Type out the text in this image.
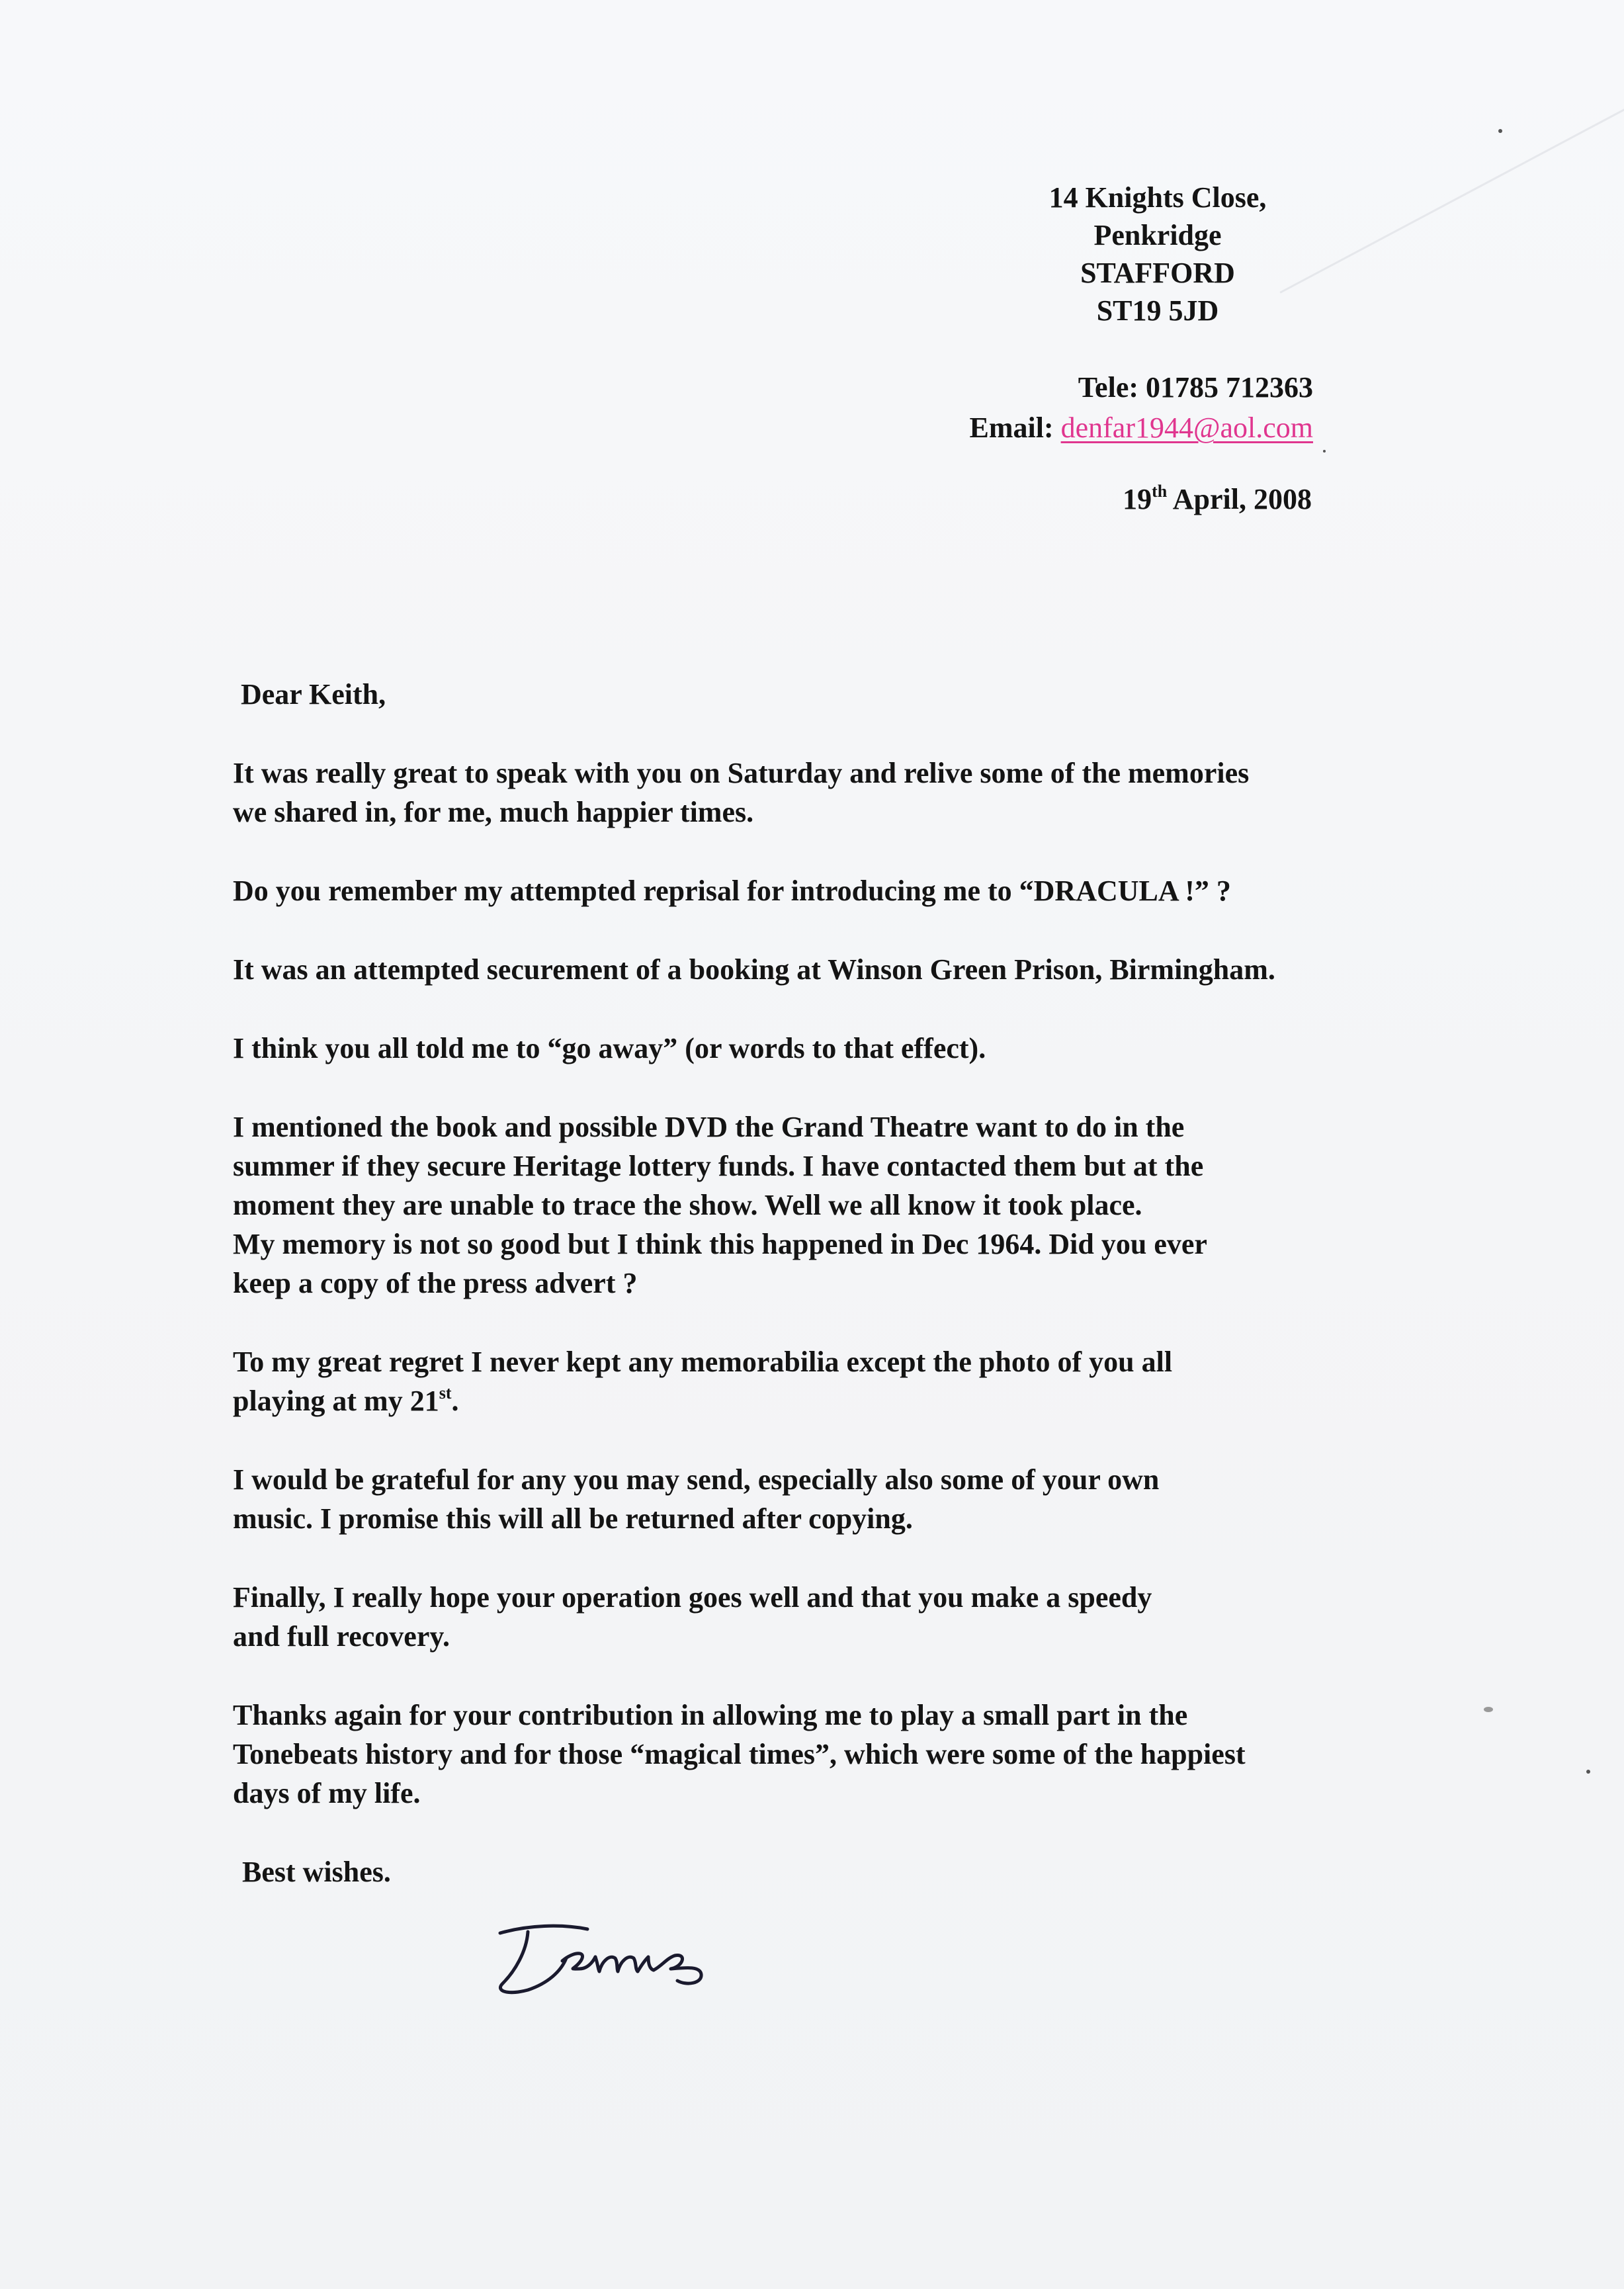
14 Knights Close,
Penkridge
STAFFORD
ST19 5JD
Tele: 01785 712363
Email: denfar1944@aol.com
19th April, 2008

Dear Keith,

It was really great to speak with you on Saturday and relive some of the memories
we shared in, for me, much happier times.

Do you remember my attempted reprisal for introducing me to “DRACULA !” ?

It was an attempted securement of a booking at Winson Green Prison, Birmingham.

I think you all told me to “go away” (or words to that effect).

I mentioned the book and possible DVD the Grand Theatre want to do in the
summer if they secure Heritage lottery funds. I have contacted them but at the
moment they are unable to trace the show. Well we all know it took place.
My memory is not so good but I think this happened in Dec 1964. Did you ever
keep a copy of the press advert ?

To my great regret I never kept any memorabilia except the photo of you all
playing at my 21st.

I would be grateful for any you may send, especially also some of your own
music. I promise this will all be returned after copying.

Finally, I really hope your operation goes well and that you make a speedy
and full recovery.

Thanks again for your contribution in allowing me to play a small part in the
Tonebeats history and for those “magical times”, which were some of the happiest
days of my life.

Best wishes.
